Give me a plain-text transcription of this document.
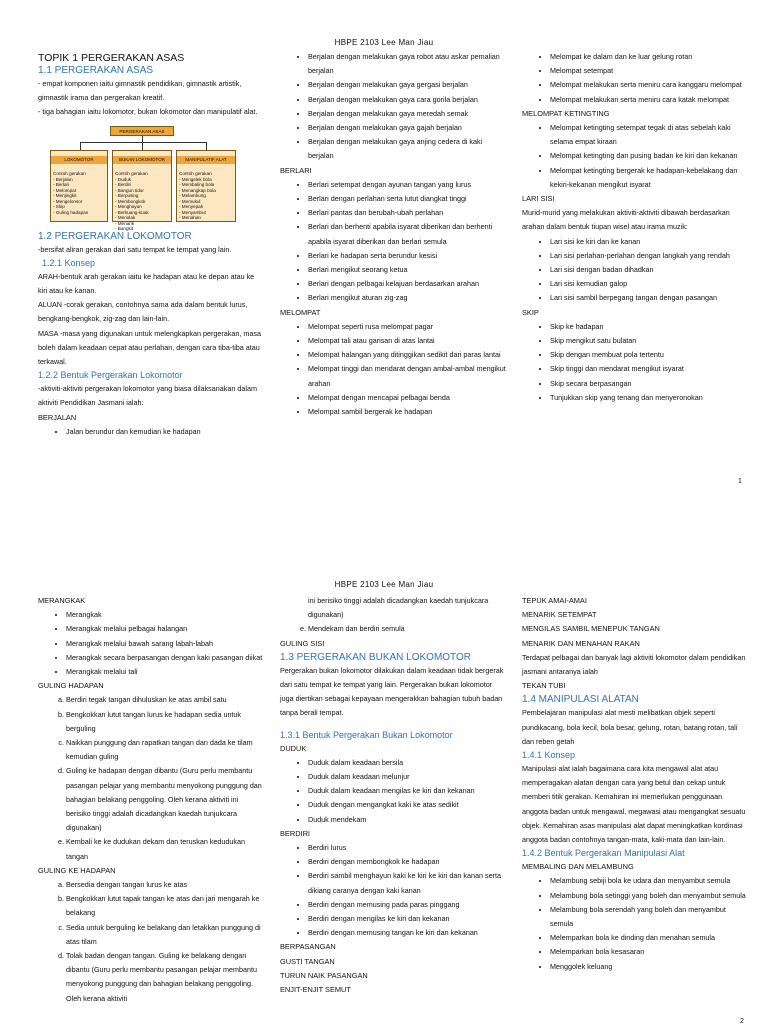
HBPE 2103 Lee Man Jiau

TOPIK 1 PERGERAKAN ASAS

1.1 PERGERAKAN ASAS

- empat komponen iaitu gimnastik pendidikan, gimnastik artistik, gimnastik irama dan pergerakan kreatif.

- tiga bahagian iaitu lokomotor, bukan lokomotor dan manipulatif alat.

PERGERAKAN ASAS

LOKOMOTOR

Contoh gerakan
- Berjalan
- Berlari
- Melompat
- Menjingkit
- Mengelonsor
- Skip
- Guling hadapan

BUKAN LOKOMOTOR

Contoh gerakan
- Duduk
- Berdiri
- Bangun tidur
- Berpusing
- Membongkok
- Menghayun
- Berkuang-kuak
- Menolak
- Menarik
- Bangkit

MANIPULATIF ALAT

Contoh gerakan
- Mengelek bola
- Membaling bola
- Menangkap bola
- Melambung
- Memukul
- Menyepak
- Menyambut
- Menahan

1.2 PERGERAKAN LOKOMOTOR

-bersifat aliran gerakan dari satu tempat ke tempat yang lain.

1.2.1 Konsep

ARAH-bentuk arah gerakan iaitu ke hadapan atau ke depan atau ke kiri atau ke kanan.

ALUAN -corak gerakan, contohnya sama ada dalam bentuk lurus, bengkang-bengkok, zig-zag dan lain-lain.

MASA -masa yang digunakan untuk melengkapkan pergerakan, masa boleh dalam keadaan cepat atau perlahan, dengan cara tiba-tiba atau terkawal.

1.2.2 Bentuk Pergerakan Lokomotor

-aktiviti-aktiviti pergerakan lokomotor yang biasa dilaksanakan dalam aktiviti Pendidikan Jasmani ialah:

BERJALAN

• Jalan berundur dan kemudian ke hadapan
• Berjalan dengan melakukan gaya robot atau askar pemalian berjalan
• Berjalan dengan melakukan gaya gergasi berjalan
• Berjalan dengan melakukan gaya cara gorila berjalan
• Berjalan dengan melakukan gaya meredah semak
• Berjalan dengan melakukan gaya gajah berjalan
• Berjalan dengan melakukan gaya anjing cedera di kaki berjalan

BERLARI

• Berlari setempat dengan ayunan tangan yang lurus
• Berlari dengan perlahan serta lutut diangkat tinggi
• Berlari pantas dan berubah-ubah perlahan
• Berlari dan berhenti apabila isyarat diberikan dan berhenti apabila isyarat diberikan dan berlari semula
• Berlari ke hadapan serta berundur kesisi
• Berlari mengikut seorang ketua
• Berlari dengan pelbagai kelajuan berdasarkan arahan
• Berlari mengikut aturan zig-zag

MELOMPAT

• Melompat seperti rusa melompat pagar
• Melompat tali atau garisan di atas lantai
• Melompat halangan yang ditinggikan sedikit dari paras lantai
• Melompat tinggi dan mendarat dengan ambal-ambal mengikut arahan
• Melompat dengan mencapai pelbagai benda
• Melompat sambil bergerak ke hadapan
• Melompat ke dalam dan ke luar gelung rotan
• Melompat setempat
• Melompat melakukan serta meniru cara kanggaru melompat
• Melompat melakukan serta meniru cara katak melompat

MELOMPAT KETINGTING

• Melompat ketingting setempat tegak di atas sebelah kaki selama empat kiraan
• Melompat ketingting dan pusing badan ke kiri dan kekanan
• Melompat ketingting bergerak ke hadapan-kebelakang dan kekiri-kekanan mengikut isyarat

LARI SISI

Murid-murid yang melakukan aktiviti-aktiviti dibawah berdasarkan arahan dalam bentuk tiupan wisel atau irama muzik:

• Lari sisi ke kiri dan ke kanan
• Lari sisi perlahan-perlahan dengan langkah yang rendah
• Lari sisi dengan badan dihadkan
• Lari sisi kemudian galop
• Lari sisi sambil berpegang tangan dengan pasangan

SKIP

• Skip ke hadapan
• Skip mengikut satu bulatan
• Skip dengan membuat pola tertentu
• Skip tinggi dan mendarat mengikut isyarat
• Skip secara berpasangan
• Tunjukkan skip yang tenang dan menyeronokan
1
HBPE 2103 Lee Man Jiau

MERANGKAK

• Merangkak
• Merangkak melalui pelbagai halangan
• Merangkak melalui bawah sarang labah-labah
• Merangkak secara berpasangan dengan kaki pasangan diikat
• Merangkak melalui tali

GULING HADAPAN

a. Berdiri tegak tangan dihuluskan ke atas ambil satu
b. Bengkokkan lutut tangan lurus ke hadapan sedia untuk berguling
c. Naikkan punggung dan rapatkan tangan dan dada ke tilam kemudian guling
d. Guling ke hadapan dengan dibantu (Guru perlu membantu pasangan pelajar yang membantu menyokong punggung dan bahagian belakang penggoling. Oleh kerana aktiviti ini berisiko tinggi adalah dicadangkan kaedah tunjukcara digunakan)
e. Kembali ke ke dudukan dekam dan teruskan kedudukan tangan

GULING KE HADAPAN

a. Bersedia dengan tangan lurus ke atas
b. Bengkokkan lutut tapak tangan ke atas dan jari mengarah ke belakang
c. Sedia untuk berguling ke belakang dan letakkan punggung di atas tilam
d. Tolak badan dengan tangan. Guling ke belakang dengan dibantu (Guru perlu membantu pasangan pelajar membantu menyokong punggung dan bahagian belakang penggoling. Oleh kerana aktiviti

ini berisiko tinggi adalah dicadangkan kaedah tunjukcara digunakan)

e. Mendekam dan berdiri semula

GULING SISI

1.3 PERGERAKAN BUKAN LOKOMOTOR

Pergerakan bukan lokomotor dilakukan dalam keadaan tidak bergerak dari satu tempat ke tempat yang lain. Pergerakan bukan lokomotor juga diertikan sebagai kepayaan mengerakkan bahagian tubuh badan tanpa berali tempat.

1.3.1 Bentuk Pergerakan Bukan Lokomotor

DUDUK

• Duduk dalam keadaan bersila
• Duduk dalam keadaan melunjur
• Duduk dalam keadaan mengilas ke kiri dan kekanan
• Duduk dengan mengangkat kaki ke atas sedikit
• Duduk mendekam

BERDIRI

• Berdiri lurus
• Berdiri dengan membongkok ke hadapan
• Berdiri sambil menghayun kaki ke kiri ke kiri dan kanan serta dikiang caranya dengan kaki kanan
• Berdiri dengan memusing pada paras pinggang
• Berdiri dengan mengilas ke kiri dan kekanan
• Berdiri dengan memusing tangan ke kiri dan kekanan

BERPASANGAN

GUSTI TANGAN

TURUN NAIK PASANGAN

ENJIT-ENJIT SEMUT

TEPUK AMAI-AMAI

MENARIK SETEMPAT

MENGILAS SAMBIL MENEPUK TANGAN

MENARIK DAN MENAHAN RAKAN

Terdapat pelbagai dan banyak lagi aktiviti lokomotor dalam pendidikan jasmani antaranya ialah

TEKAN TUBI

1.4 MANIPULASI ALATAN

Pembelajaran manipulasi alat mesti melibatkan objek seperti pundikacang, bola kecil, bola besar, gelung, rotan, batang rotan, tali dan reben getah

1.4.1 Konsep

Manipulasi alat ialah bagaimana cara kita mengawal alat atau memperagakan alatan dengan cara yang betul dan cekap untuk memberi titik gerakan. Kemahiran ini memerlukan penggunaan anggota badan untuk mengawal, megawasi atau mengangkat sesuatu objek. Kemahiran asas manipulasi alat dapat meningkatkan kordinasi anggota badan contohnya tangan-mata, kaki-mata dan lain-lain.

1.4.2 Bentuk Pergerakan Manipulasi Alat

MEMBALING DAN MELAMBUNG

• Melambung sebiji bola ke udara dan menyambut semula
• Melambung bola setinggi yang boleh dan menyambut semula
• Melambung bola serendah yang boleh dan menyambut semula
• Melemparkan bola ke dinding dan menahan semula
• Melemparkan bola kesasaran
• Menggolek keluang
2
